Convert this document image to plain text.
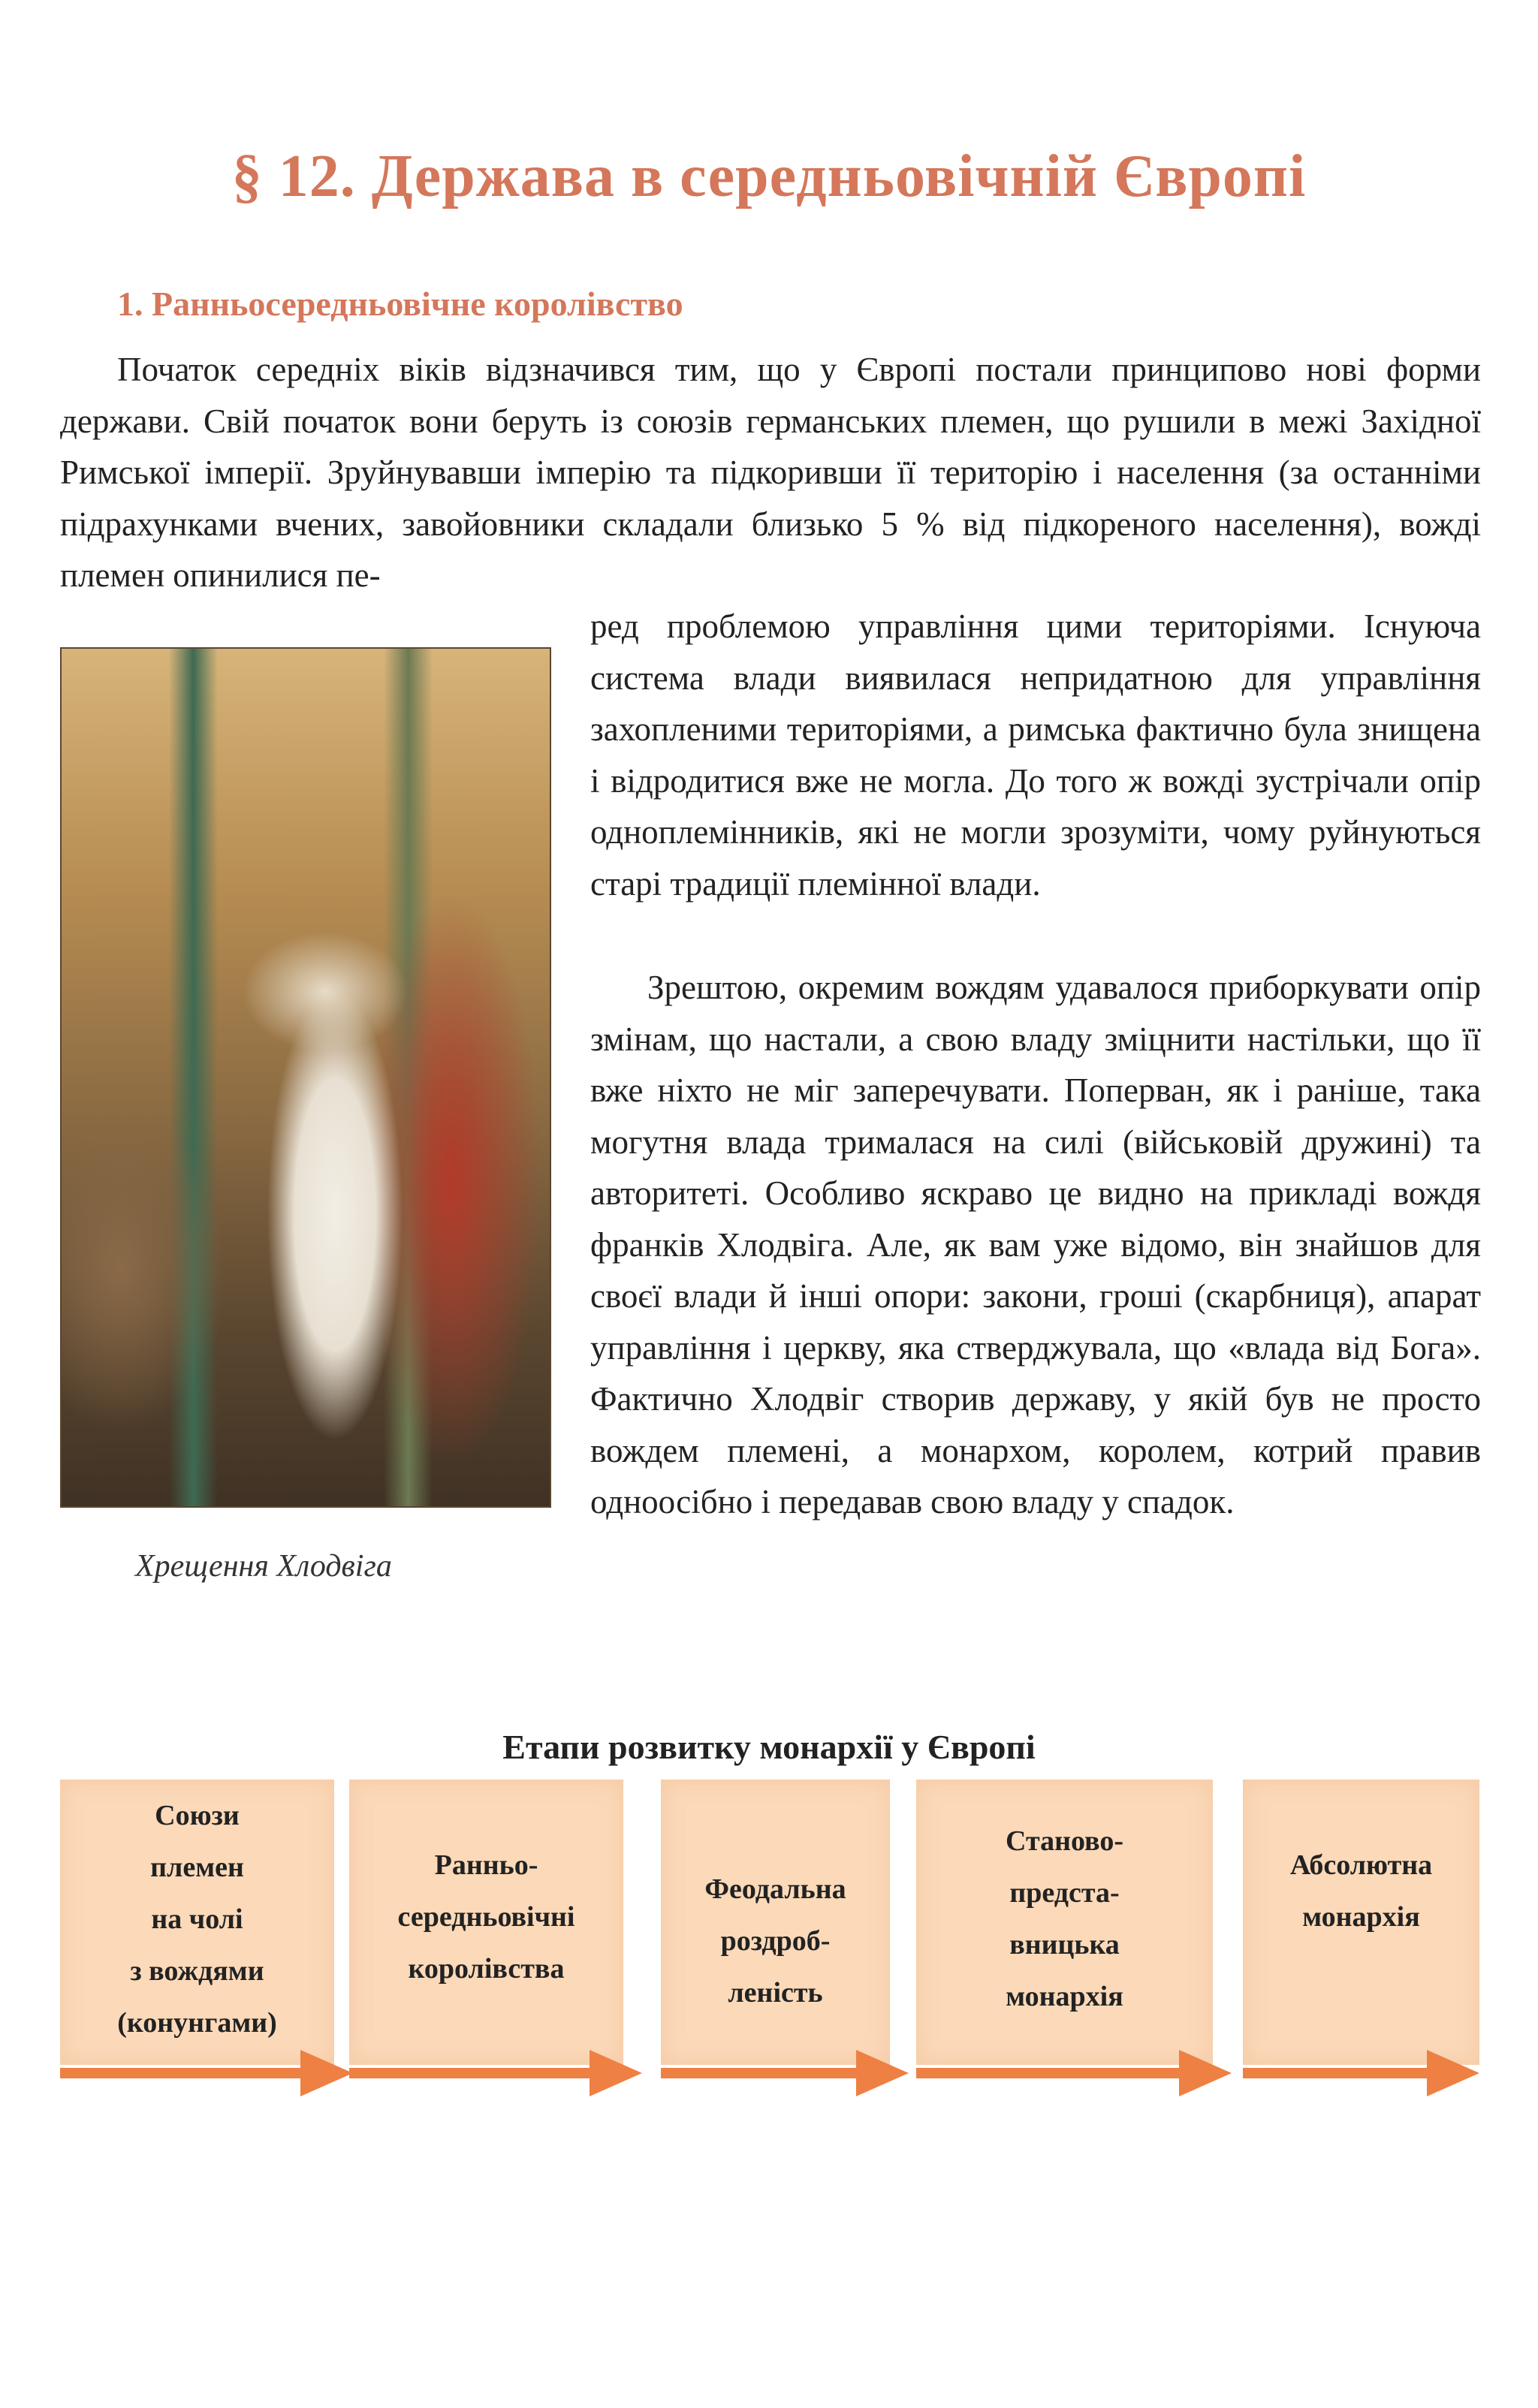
§ 12. Держава в середньовічній Європі
1. Ранньосередньовічне королівство

Початок середніх віків відзначився тим, що у Європі постали принципово нові форми держави. Свій початок вони беруть із союзів германських племен, що рушили в межі Західної Римської імперії. Зруйнувавши імперію та підкоривши її територію і населення (за останніми підрахунками вчених, завойовники складали близько 5 % від підкореного населення), вожді племен опинилися пе-

ред проблемою управління цими територіями. Існуюча система влади виявилася непридатною для управління захопленими територіями, а римська фактично була знищена і відродитися вже не могла. До того ж вожді зустрічали опір одноплемінників, які не могли зрозуміти, чому руйнуються старі традиції племінної влади.

Зрештою, окремим вождям удавалося приборкувати опір змінам, що настали, а свою владу зміцнити настільки, що її вже ніхто не міг заперечувати. Поперван, як і раніше, така могутня влада трималася на силі (військовій дружині) та авторитеті. Особливо яскраво це видно на прикладі вождя франків Хлодвіга. Але, як вам уже відомо, він знайшов для своєї влади й інші опори: закони, гроші (скарбниця), апарат управління і церкву, яка стверджувала, що «влада від Бога». Фактично Хлодвіг створив державу, у якій був не просто вождем племені, а монархом, королем, котрий правив одноосібно і передавав свою владу у спадок.

Хрещення Хлодвіга

Етапи розвитку монархії у Європі

Союзи
племен
на чолі
з вождями
(конунгами)

Ранньо-
середньовічні
королівства

Феодальна
роздроб-
леність

Станово-
предста-
вницька
монархія

Абсолютна
монархія
